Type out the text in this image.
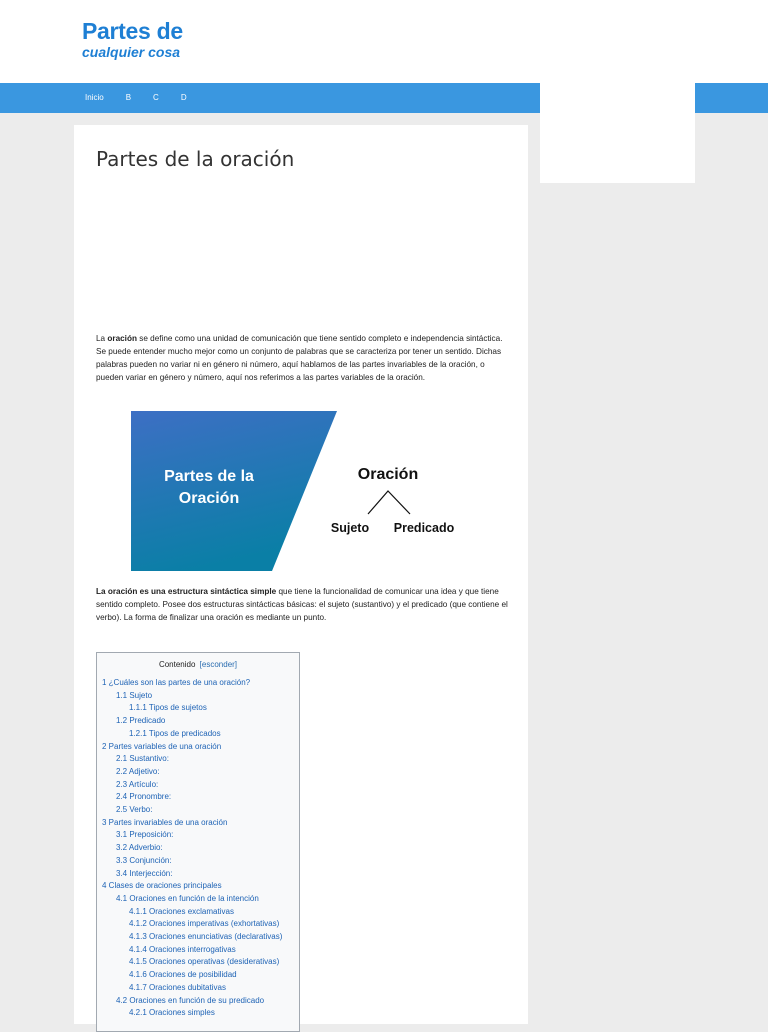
Partes de
cualquier cosa
Inicio	B	C	D
Partes de la oración

La oración se define como una unidad de comunicación que tiene sentido completo e independencia sintáctica. Se puede entender mucho mejor como un conjunto de palabras que se caracteriza por tener un sentido. Dichas palabras pueden no variar ni en género ni número, aquí hablamos de las partes invariables de la oración, o pueden variar en género y número, aquí nos referimos a las partes variables de la oración.

Partes de la
Oración
Oración
Sujeto Predicado

La oración es una estructura sintáctica simple que tiene la funcionalidad de comunicar una idea y que tiene sentido completo. Posee dos estructuras sintácticas básicas: el sujeto (sustantivo) y el predicado (que contiene el verbo). La forma de finalizar una oración es mediante un punto.

Contenido [esconder]
1 ¿Cuáles son las partes de una oración?
1.1 Sujeto
1.1.1 Tipos de sujetos
1.2 Predicado
1.2.1 Tipos de predicados
2 Partes variables de una oración
2.1 Sustantivo:
2.2 Adjetivo:
2.3 Artículo:
2.4 Pronombre:
2.5 Verbo:
3 Partes invariables de una oración
3.1 Preposición:
3.2 Adverbio:
3.3 Conjunción:
3.4 Interjección:
4 Clases de oraciones principales
4.1 Oraciones en función de la intención
4.1.1 Oraciones exclamativas
4.1.2 Oraciones imperativas (exhortativas)
4.1.3 Oraciones enunciativas (declarativas)
4.1.4 Oraciones interrogativas
4.1.5 Oraciones operativas (desiderativas)
4.1.6 Oraciones de posibilidad
4.1.7 Oraciones dubitativas
4.2 Oraciones en función de su predicado
4.2.1 Oraciones simples
